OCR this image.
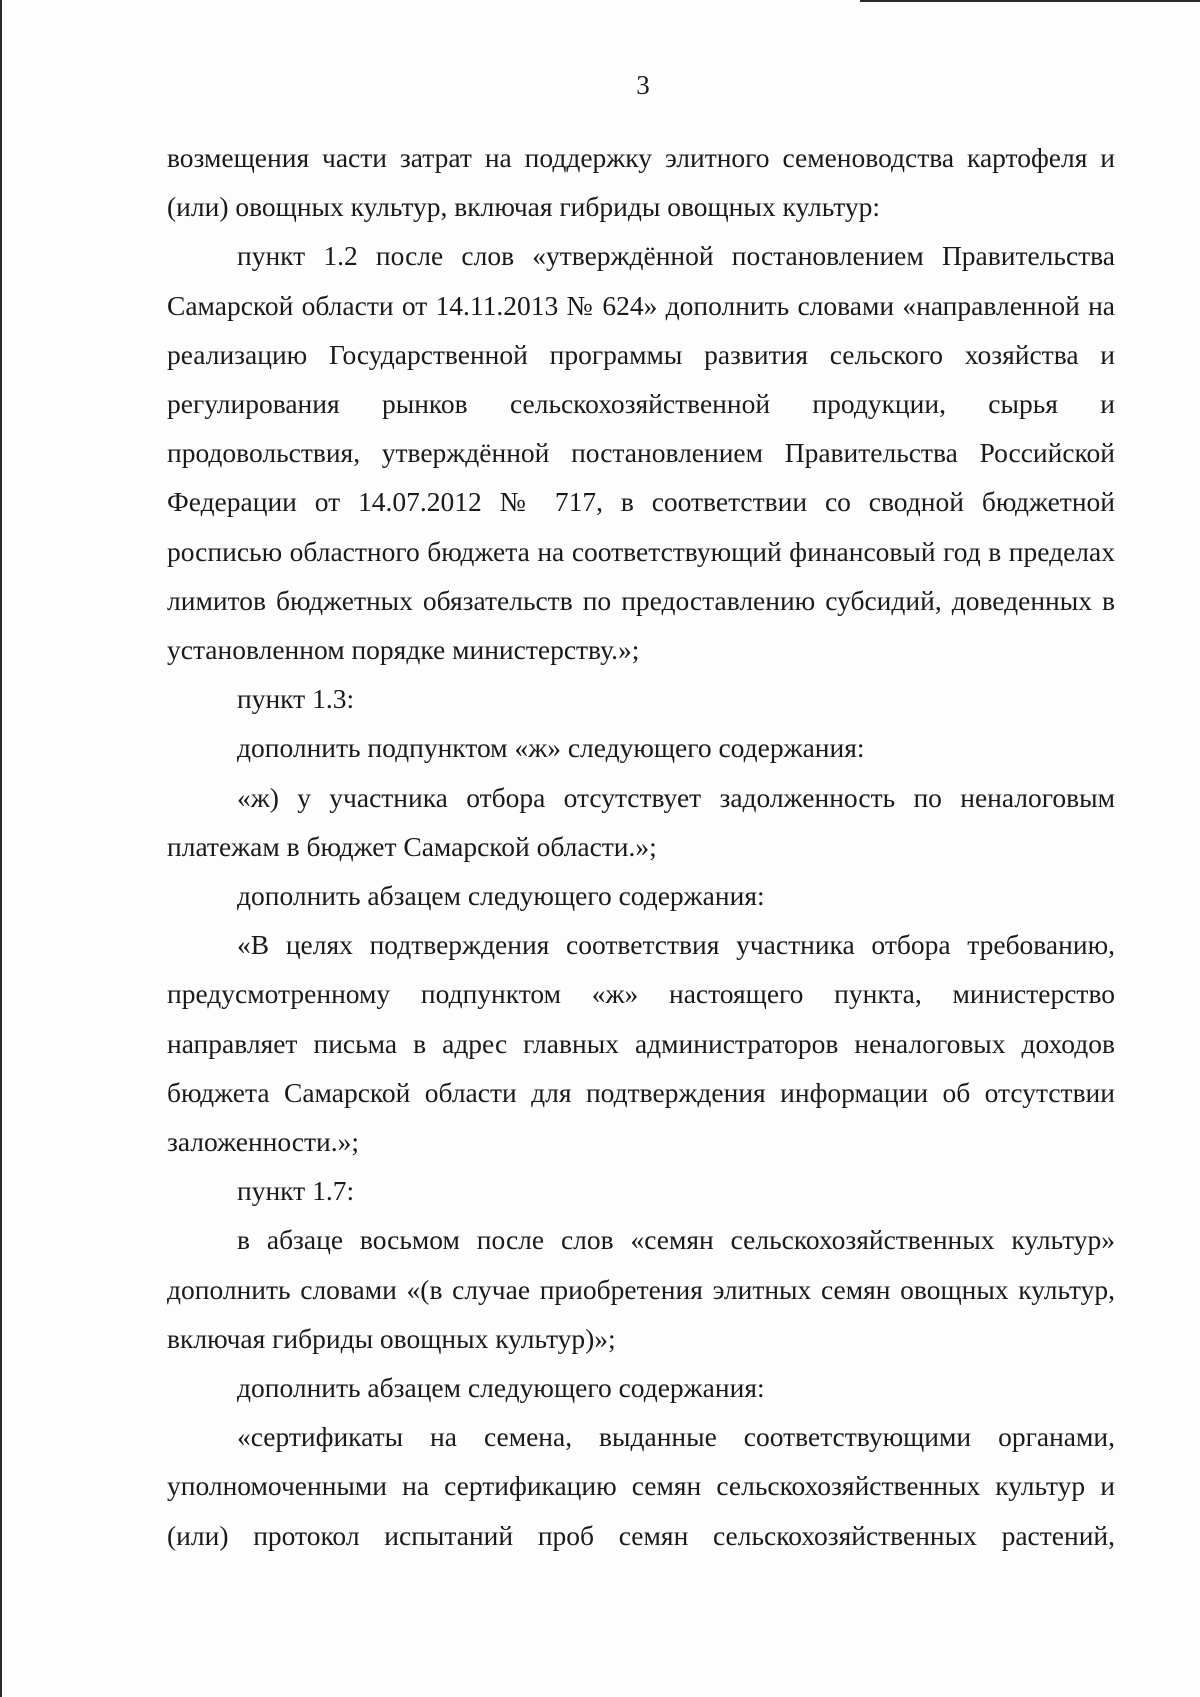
3

возмещения части затрат на поддержку элитного семеноводства картофеля и (или) овощных культур, включая гибриды овощных культур:

пункт 1.2 после слов «утверждённой постановлением Правительства Самарской области от 14.11.2013 № 624» дополнить словами «направленной на реализацию Государственной программы развития сельского хозяйства и регулирования рынков сельскохозяйственной продукции, сырья и продовольствия, утверждённой постановлением Правительства Российской Федерации от 14.07.2012 № 717, в соответствии со сводной бюджетной росписью областного бюджета на соответствующий финансовый год в пределах лимитов бюджетных обязательств по предоставлению субсидий, доведенных в установленном порядке министерству.»;

пункт 1.3:

дополнить подпунктом «ж» следующего содержания:

«ж) у участника отбора отсутствует задолженность по неналоговым платежам в бюджет Самарской области.»;

дополнить абзацем следующего содержания:

«В целях подтверждения соответствия участника отбора требованию, предусмотренному подпунктом «ж» настоящего пункта, министерство направляет письма в адрес главных администраторов неналоговых доходов бюджета Самарской области для подтверждения информации об отсутствии заложенности.»;

пункт 1.7:

в абзаце восьмом после слов «семян сельскохозяйственных культур» дополнить словами «(в случае приобретения элитных семян овощных культур, включая гибриды овощных культур)»;

дополнить абзацем следующего содержания:

«сертификаты на семена, выданные соответствующими органами, уполномоченными на сертификацию семян сельскохозяйственных культур и (или) протокол испытаний проб семян сельскохозяйственных растений,
